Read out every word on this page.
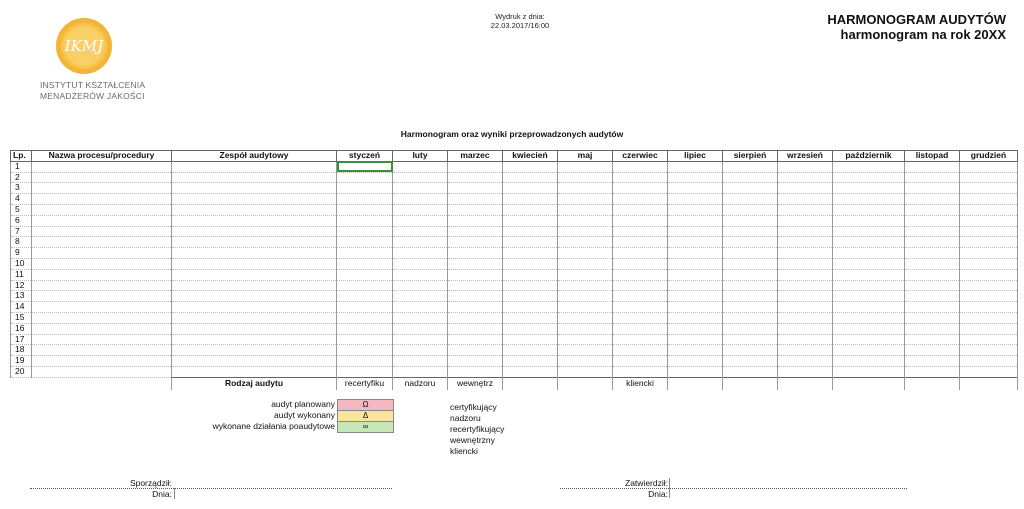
IKMJ
INSTYTUT KSZTAŁCENIA
MENADŻERÓW JAKOŚCI
Wydruk z dnia:
22.03.2017/16:00	HARMONOGRAM AUDYTÓW
harmonogram na rok 20XX
Harmonogram oraz wyniki przeprowadzonych audytów
Lp.	Nazwa procesu/procedury	Zespół audytowy	styczeń	luty	marzec	kwiecień	maj	czerwiec	lipiec	sierpień	wrzesień	październik	listopad	grudzień
1														
2														
3														
4														
5														
6														
7														
8														
9														
10														
11														
12														
13														
14														
15														
16														
17														
18														
19														
20														
		Rodzaj audytu	recertyfiku	nadzoru	wewnętrz			kliencki						
audyt planowany	Ω
audyt wykonany	Δ
wykonane działania poaudytowe	∞
certyfikujący
nadzoru
recertyfikujący
wewnętrzny
kliencki
Sporządził:
Dnia:
Zatwierdził:
Dnia:
